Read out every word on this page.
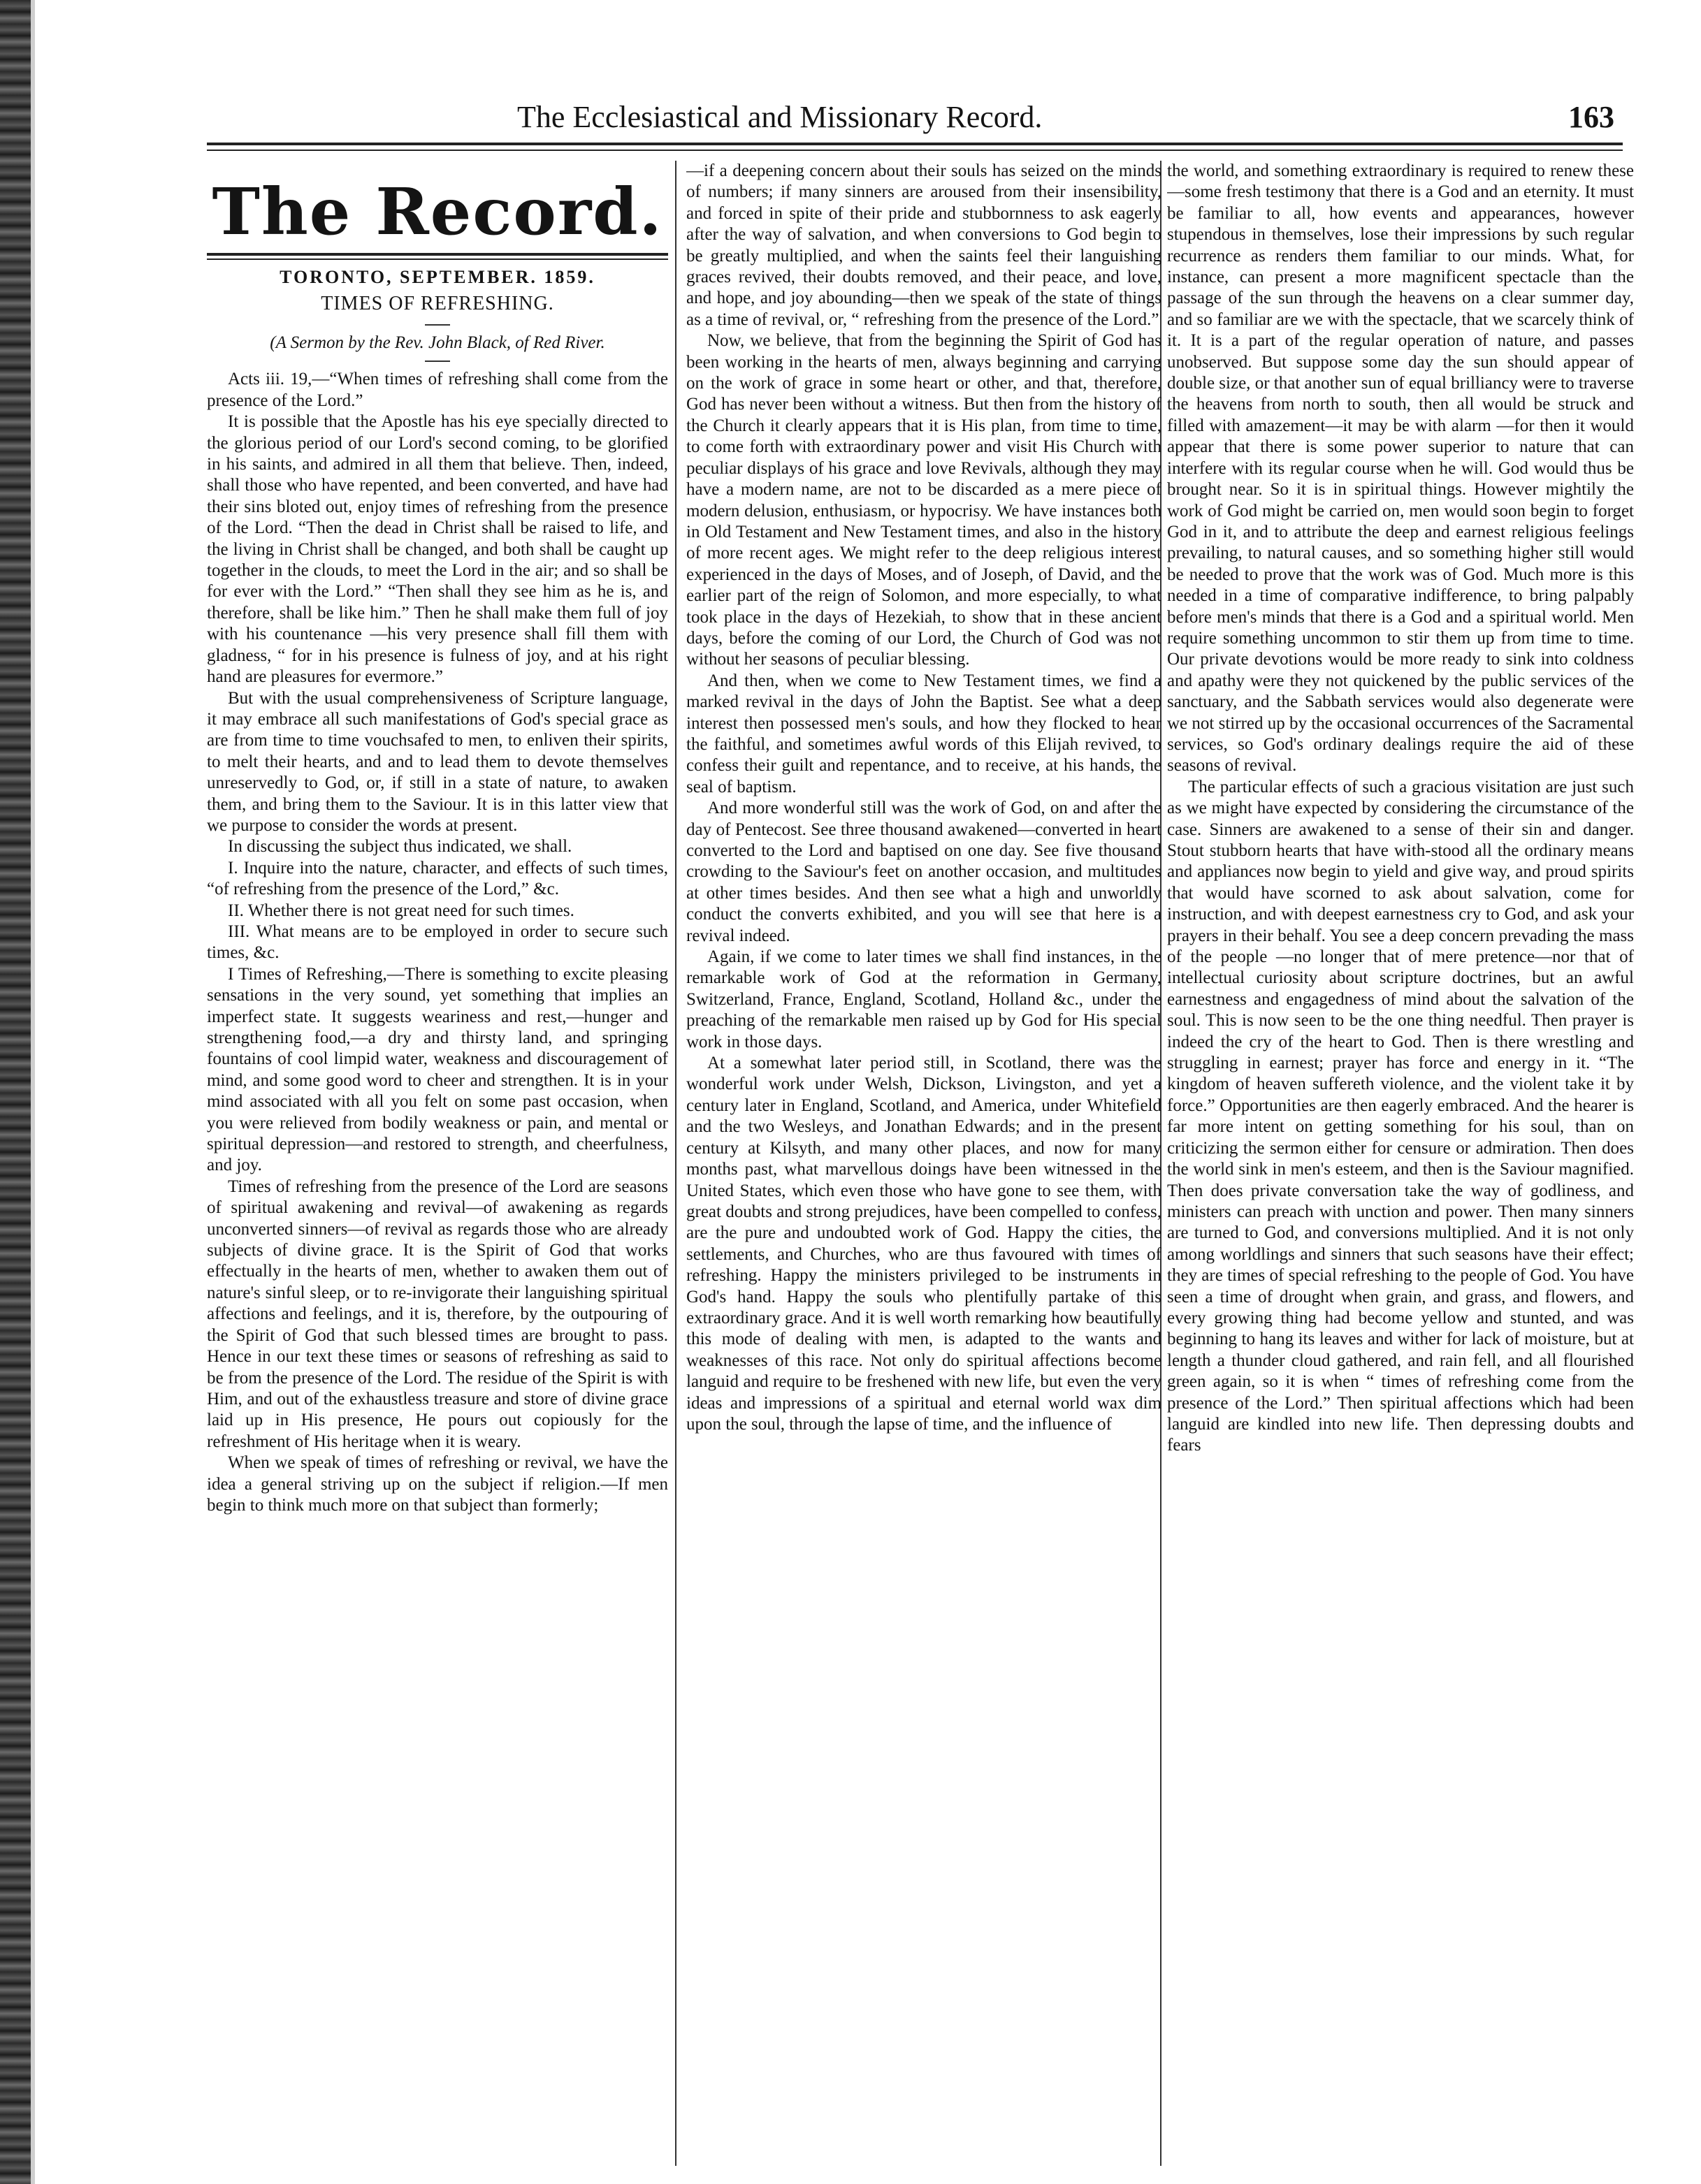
The Ecclesiastical and Missionary Record.	163
The Record.
TORONTO, SEPTEMBER. 1859.
TIMES OF REFRESHING.
(A Sermon by the Rev. John Black, of Red River.

Acts iii. 19,—“When times of refreshing shall come from the presence of the Lord.”

It is possible that the Apostle has his eye specially directed to the glorious period of our Lord's second coming, to be glorified in his saints, and admired in all them that believe. Then, indeed, shall those who have repented, and been converted, and have had their sins bloted out, enjoy times of refreshing from the presence of the Lord. “Then the dead in Christ shall be raised to life, and the living in Christ shall be changed, and both shall be caught up together in the clouds, to meet the Lord in the air; and so shall be for ever with the Lord.” “Then shall they see him as he is, and therefore, shall be like him.” Then he shall make them full of joy with his countenance —his very presence shall fill them with gladness, “ for in his presence is fulness of joy, and at his right hand are pleasures for evermore.”

But with the usual comprehensiveness of Scripture language, it may embrace all such manifestations of God's special grace as are from time to time vouchsafed to men, to enliven their spirits, to melt their hearts, and and to lead them to devote themselves unreservedly to God, or, if still in a state of nature, to awaken them, and bring them to the Saviour. It is in this latter view that we purpose to consider the words at present.

In discussing the subject thus indicated, we shall.

I. Inquire into the nature, character, and effects of such times, “of refreshing from the presence of the Lord,” &c.

II. Whether there is not great need for such times.

III. What means are to be employed in order to secure such times, &c.

I Times of Refreshing,—There is something to excite pleasing sensations in the very sound, yet something that implies an imperfect state. It suggests weariness and rest,—hunger and strengthening food,—a dry and thirsty land, and springing fountains of cool limpid water, weakness and discouragement of mind, and some good word to cheer and strengthen. It is in your mind associated with all you felt on some past occasion, when you were relieved from bodily weakness or pain, and mental or spiritual depression—and restored to strength, and cheerfulness, and joy.

Times of refreshing from the presence of the Lord are seasons of spiritual awakening and revival—of awakening as regards unconverted sinners—of revival as regards those who are already subjects of divine grace. It is the Spirit of God that works effectually in the hearts of men, whether to awaken them out of nature's sinful sleep, or to re-invigorate their languishing spiritual affections and feelings, and it is, therefore, by the outpouring of the Spirit of God that such blessed times are brought to pass. Hence in our text these times or seasons of refreshing as said to be from the presence of the Lord. The residue of the Spirit is with Him, and out of the exhaustless treasure and store of divine grace laid up in His presence, He pours out copiously for the refreshment of His heritage when it is weary.

When we speak of times of refreshing or revival, we have the idea a general striving up on the subject if religion.—If men begin to think much more on that subject than formerly;

—if a deepening concern about their souls has seized on the minds of numbers; if many sinners are aroused from their insensibility, and forced in spite of their pride and stubbornness to ask eagerly after the way of salvation, and when conversions to God begin to be greatly multiplied, and when the saints feel their languishing graces revived, their doubts removed, and their peace, and love, and hope, and joy abounding—then we speak of the state of things as a time of revival, or, “ refreshing from the presence of the Lord.”

Now, we believe, that from the beginning the Spirit of God has been working in the hearts of men, always beginning and carrying on the work of grace in some heart or other, and that, therefore, God has never been without a witness. But then from the history of the Church it clearly appears that it is His plan, from time to time, to come forth with extraordinary power and visit His Church with peculiar displays of his grace and love Revivals, although they may have a modern name, are not to be discarded as a mere piece of modern delusion, enthusiasm, or hypocrisy. We have instances both in Old Testament and New Testament times, and also in the history of more recent ages. We might refer to the deep religious interest experienced in the days of Moses, and of Joseph, of David, and the earlier part of the reign of Solomon, and more especially, to what took place in the days of Hezekiah, to show that in these ancient days, before the coming of our Lord, the Church of God was not without her seasons of peculiar blessing.

And then, when we come to New Testament times, we find a marked revival in the days of John the Baptist. See what a deep interest then possessed men's souls, and how they flocked to hear the faithful, and sometimes awful words of this Elijah revived, to confess their guilt and repentance, and to receive, at his hands, the seal of baptism.

And more wonderful still was the work of God, on and after the day of Pentecost. See three thousand awakened—converted in heart converted to the Lord and baptised on one day. See five thousand crowding to the Saviour's feet on another occasion, and multitudes at other times besides. And then see what a high and unworldly conduct the converts exhibited, and you will see that here is a revival indeed.

Again, if we come to later times we shall find instances, in the remarkable work of God at the reformation in Germany, Switzerland, France, England, Scotland, Holland &c., under the preaching of the remarkable men raised up by God for His special work in those days.

At a somewhat later period still, in Scotland, there was the wonderful work under Welsh, Dickson, Livingston, and yet a century later in England, Scotland, and America, under Whitefield and the two Wesleys, and Jonathan Edwards; and in the present century at Kilsyth, and many other places, and now for many months past, what marvellous doings have been witnessed in the United States, which even those who have gone to see them, with great doubts and strong prejudices, have been compelled to confess, are the pure and undoubted work of God. Happy the cities, the settlements, and Churches, who are thus favoured with times of refreshing. Happy the ministers privileged to be instruments in God's hand. Happy the souls who plentifully partake of this extraordinary grace. And it is well worth remarking how beautifully this mode of dealing with men, is adapted to the wants and weaknesses of this race. Not only do spiritual affections become languid and require to be freshened with new life, but even the very ideas and impressions of a spiritual and eternal world wax dim upon the soul, through the lapse of time, and the influence of

the world, and something extraordinary is required to renew these—some fresh testimony that there is a God and an eternity. It must be familiar to all, how events and appearances, however stupendous in themselves, lose their impressions by such regular recurrence as renders them familiar to our minds. What, for instance, can present a more magnificent spectacle than the passage of the sun through the heavens on a clear summer day, and so familiar are we with the spectacle, that we scarcely think of it. It is a part of the regular operation of nature, and passes unobserved. But suppose some day the sun should appear of double size, or that another sun of equal brilliancy were to traverse the heavens from north to south, then all would be struck and filled with amazement—it may be with alarm —for then it would appear that there is some power superior to nature that can interfere with its regular course when he will. God would thus be brought near. So it is in spiritual things. However mightily the work of God might be carried on, men would soon begin to forget God in it, and to attribute the deep and earnest religious feelings prevailing, to natural causes, and so something higher still would be needed to prove that the work was of God. Much more is this needed in a time of comparative indifference, to bring palpably before men's minds that there is a God and a spiritual world. Men require something uncommon to stir them up from time to time. Our private devotions would be more ready to sink into coldness and apathy were they not quickened by the public services of the sanctuary, and the Sabbath services would also degenerate were we not stirred up by the occasional occurrences of the Sacramental services, so God's ordinary dealings require the aid of these seasons of revival.

The particular effects of such a gracious visitation are just such as we might have expected by considering the circumstance of the case. Sinners are awakened to a sense of their sin and danger. Stout stubborn hearts that have with-stood all the ordinary means and appliances now begin to yield and give way, and proud spirits that would have scorned to ask about salvation, come for instruction, and with deepest earnestness cry to God, and ask your prayers in their behalf. You see a deep concern prevading the mass of the people —no longer that of mere pretence—nor that of intellectual curiosity about scripture doctrines, but an awful earnestness and engagedness of mind about the salvation of the soul. This is now seen to be the one thing needful. Then prayer is indeed the cry of the heart to God. Then is there wrestling and struggling in earnest; prayer has force and energy in it. “The kingdom of heaven suffereth violence, and the violent take it by force.” Opportunities are then eagerly embraced. And the hearer is far more intent on getting something for his soul, than on criticizing the sermon either for censure or admiration. Then does the world sink in men's esteem, and then is the Saviour magnified. Then does private conversation take the way of godliness, and ministers can preach with unction and power. Then many sinners are turned to God, and conversions multiplied. And it is not only among worldlings and sinners that such seasons have their effect; they are times of special refreshing to the people of God. You have seen a time of drought when grain, and grass, and flowers, and every growing thing had become yellow and stunted, and was beginning to hang its leaves and wither for lack of moisture, but at length a thunder cloud gathered, and rain fell, and all flourished green again, so it is when “ times of refreshing come from the presence of the Lord.” Then spiritual affections which had been languid are kindled into new life. Then depressing doubts and fears
